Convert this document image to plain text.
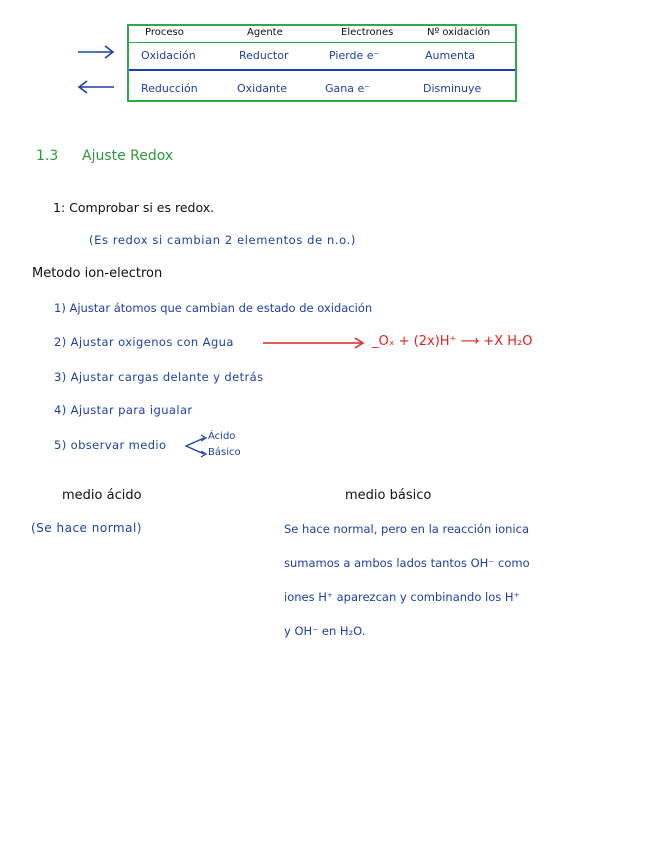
Proceso	Agente	Electrones	Nº oxidación
Oxidación	Reductor	Pierde e⁻	Aumenta
Reducción	Oxidante	Gana e⁻	Disminuye
1.3 Ajuste Redox
1: Comprobar si es redox.
(Es redox si cambian 2 elementos de n.o.)
Metodo ion-electron
1) Ajustar átomos que cambian de estado de oxidación
2) Ajustar oxigenos con Agua	_Oₓ + (2x)H⁺ ⟶ +X H₂O
3) Ajustar cargas delante y detrás
4) Ajustar para igualar
5) observar medio
Ácido
Básico
medio ácido
(Se hace normal)
medio básico
Se hace normal, pero en la reacción ionica
sumamos a ambos lados tantos OH⁻ como
iones H⁺ aparezcan y combinando los H⁺
y OH⁻ en H₂O.
